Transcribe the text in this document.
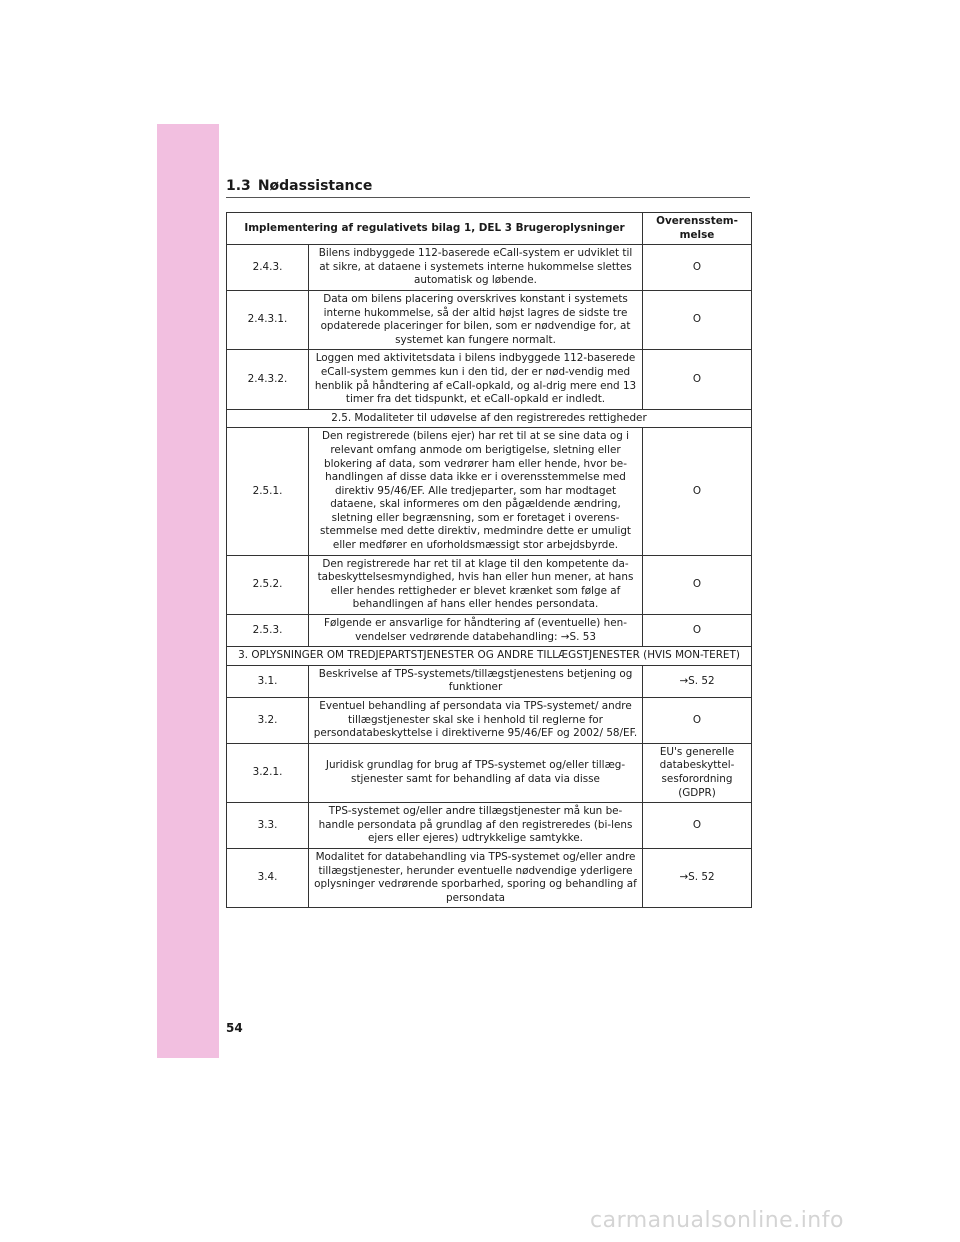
1.3 Nødassistance
Implementering af regulativets bilag 1, DEL 3 Brugeroplysninger		Overensstem-melse
2.4.3.	Bilens indbyggede 112-baserede eCall-system er udviklet til at sikre, at dataene i systemets interne hukommelse slettes automatisk og løbende.	O
2.4.3.1.	Data om bilens placering overskrives konstant i systemets interne hukommelse, så der altid højst lagres de sidste tre opdaterede placeringer for bilen, som er nødvendige for, at systemet kan fungere normalt.	O
2.4.3.2.	Loggen med aktivitetsdata i bilens indbyggede 112-baserede eCall-system gemmes kun i den tid, der er nød-vendig med henblik på håndtering af eCall-opkald, og al-drig mere end 13 timer fra det tidspunkt, et eCall-opkald er indledt.	O
2.5. Modaliteter til udøvelse af den registreredes rettigheder		
2.5.1.	Den registrerede (bilens ejer) har ret til at se sine data og i relevant omfang anmode om berigtigelse, sletning eller blokering af data, som vedrører ham eller hende, hvor be-handlingen af disse data ikke er i overensstemmelse med direktiv 95/46/EF. Alle tredjeparter, som har modtaget dataene, skal informeres om den pågældende ændring, sletning eller begrænsning, som er foretaget i overens-stemmelse med dette direktiv, medmindre dette er umuligt eller medfører en uforholdsmæssigt stor arbejdsbyrde.	O
2.5.2.	Den registrerede har ret til at klage til den kompetente da-tabeskyttelsesmyndighed, hvis han eller hun mener, at hans eller hendes rettigheder er blevet krænket som følge af behandlingen af hans eller hendes persondata.	O
2.5.3.	Følgende er ansvarlige for håndtering af (eventuelle) hen-vendelser vedrørende databehandling: →S. 53	O
3. OPLYSNINGER OM TREDJEPARTSTJENESTER OG ANDRE TILLÆGSTJENESTER (HVIS MON-TERET)		
3.1.	Beskrivelse af TPS-systemets/tillægstjenestens betjening og funktioner	→S. 52
3.2.	Eventuel behandling af persondata via TPS-systemet/ andre tillægstjenester skal ske i henhold til reglerne for persondatabeskyttelse i direktiverne 95/46/EF og 2002/ 58/EF.	O
3.2.1.	Juridisk grundlag for brug af TPS-systemet og/eller tillæg-stjenester samt for behandling af data via disse	EU's generelle databeskyttel-sesforordning (GDPR)
3.3.	TPS-systemet og/eller andre tillægstjenester må kun be-handle persondata på grundlag af den registreredes (bi-lens ejers eller ejeres) udtrykkelige samtykke.	O
3.4.	Modalitet for databehandling via TPS-systemet og/eller andre tillægstjenester, herunder eventuelle nødvendige yderligere oplysninger vedrørende sporbarhed, sporing og behandling af persondata	→S. 52
54
carmanualsonline.info
